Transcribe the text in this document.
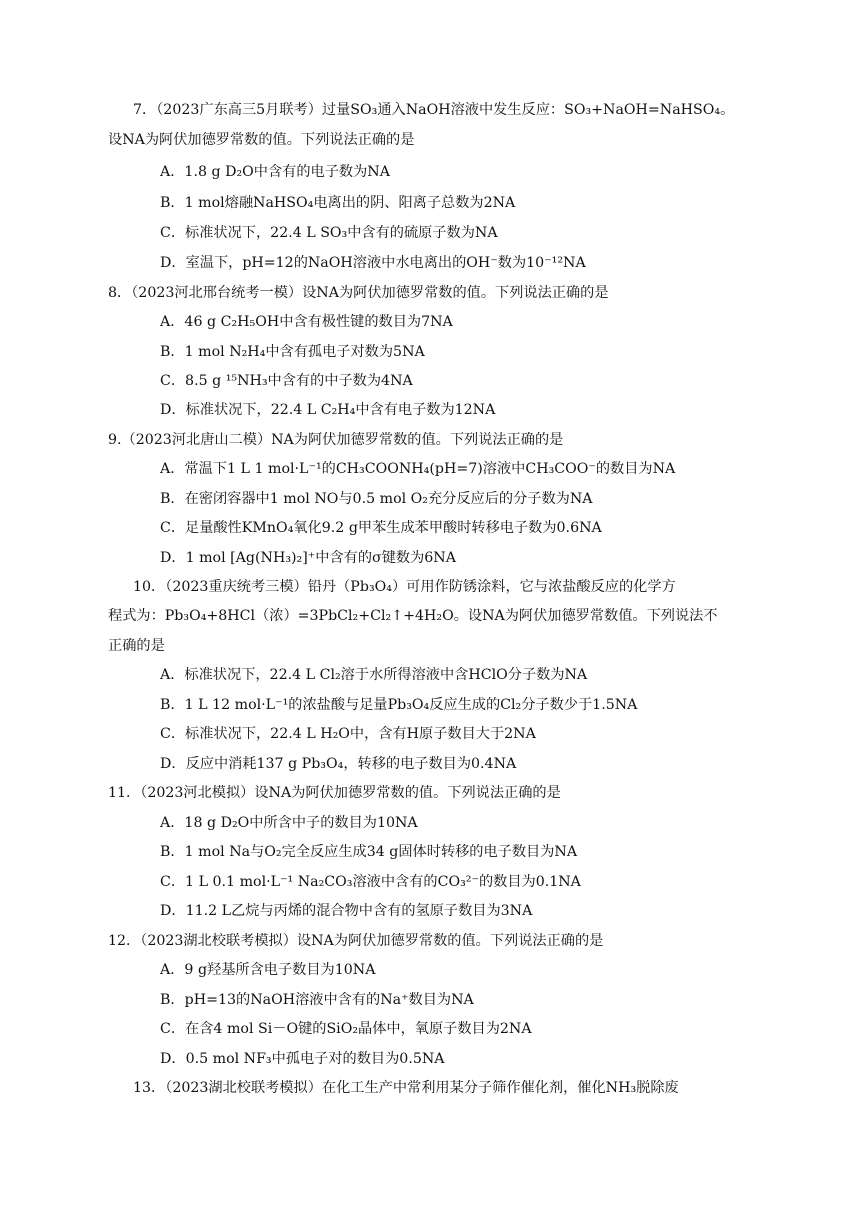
7．（2023广东高三5月联考）过量SO₃通入NaOH溶液中发生反应：SO₃+NaOH=NaHSO₄。
设NA为阿伏加德罗常数的值。下列说法正确的是
A．1.8 g D₂O中含有的电子数为NA
B．1 mol熔融NaHSO₄电离出的阴、阳离子总数为2NA
C．标准状况下，22.4 L SO₃中含有的硫原子数为NA
D．室温下，pH=12的NaOH溶液中水电离出的OH⁻数为10⁻¹²NA
8．（2023河北邢台统考一模）设NA为阿伏加德罗常数的值。下列说法正确的是
A．46 g C₂H₅OH中含有极性键的数目为7NA
B．1 mol N₂H₄中含有孤电子对数为5NA
C．8.5 g ¹⁵NH₃中含有的中子数为4NA
D．标准状况下，22.4 L C₂H₄中含有电子数为12NA
9.（2023河北唐山二模）NA为阿伏加德罗常数的值。下列说法正确的是
A．常温下1 L 1 mol·L⁻¹的CH₃COONH₄(pH=7)溶液中CH₃COO⁻的数目为NA
B．在密闭容器中1 mol NO与0.5 mol O₂充分反应后的分子数为NA
C．足量酸性KMnO₄氧化9.2 g甲苯生成苯甲酸时转移电子数为0.6NA
D．1 mol [Ag(NH₃)₂]⁺中含有的σ键数为6NA
10．（2023重庆统考三模）铅丹（Pb₃O₄）可用作防锈涂料，它与浓盐酸反应的化学方
程式为：Pb₃O₄+8HCl（浓）=3PbCl₂+Cl₂↑+4H₂O。设NA为阿伏加德罗常数值。下列说法不
正确的是
A．标准状况下，22.4 L Cl₂溶于水所得溶液中含HClO分子数为NA
B．1 L 12 mol·L⁻¹的浓盐酸与足量Pb₃O₄反应生成的Cl₂分子数少于1.5NA
C．标准状况下，22.4 L H₂O中，含有H原子数目大于2NA
D．反应中消耗137 g Pb₃O₄，转移的电子数目为0.4NA
11．（2023河北模拟）设NA为阿伏加德罗常数的值。下列说法正确的是
A．18 g D₂O中所含中子的数目为10NA
B．1 mol Na与O₂完全反应生成34 g固体时转移的电子数目为NA
C．1 L 0.1 mol·L⁻¹ Na₂CO₃溶液中含有的CO₃²⁻的数目为0.1NA
D．11.2 L乙烷与丙烯的混合物中含有的氢原子数目为3NA
12．（2023湖北校联考模拟）设NA为阿伏加德罗常数的值。下列说法正确的是
A．9 g羟基所含电子数目为10NA
B．pH=13的NaOH溶液中含有的Na⁺数目为NA
C．在含4 mol Si－O键的SiO₂晶体中，氧原子数目为2NA
D．0.5 mol NF₃中孤电子对的数目为0.5NA
13．（2023湖北校联考模拟）在化工生产中常利用某分子筛作催化剂，催化NH₃脱除废
